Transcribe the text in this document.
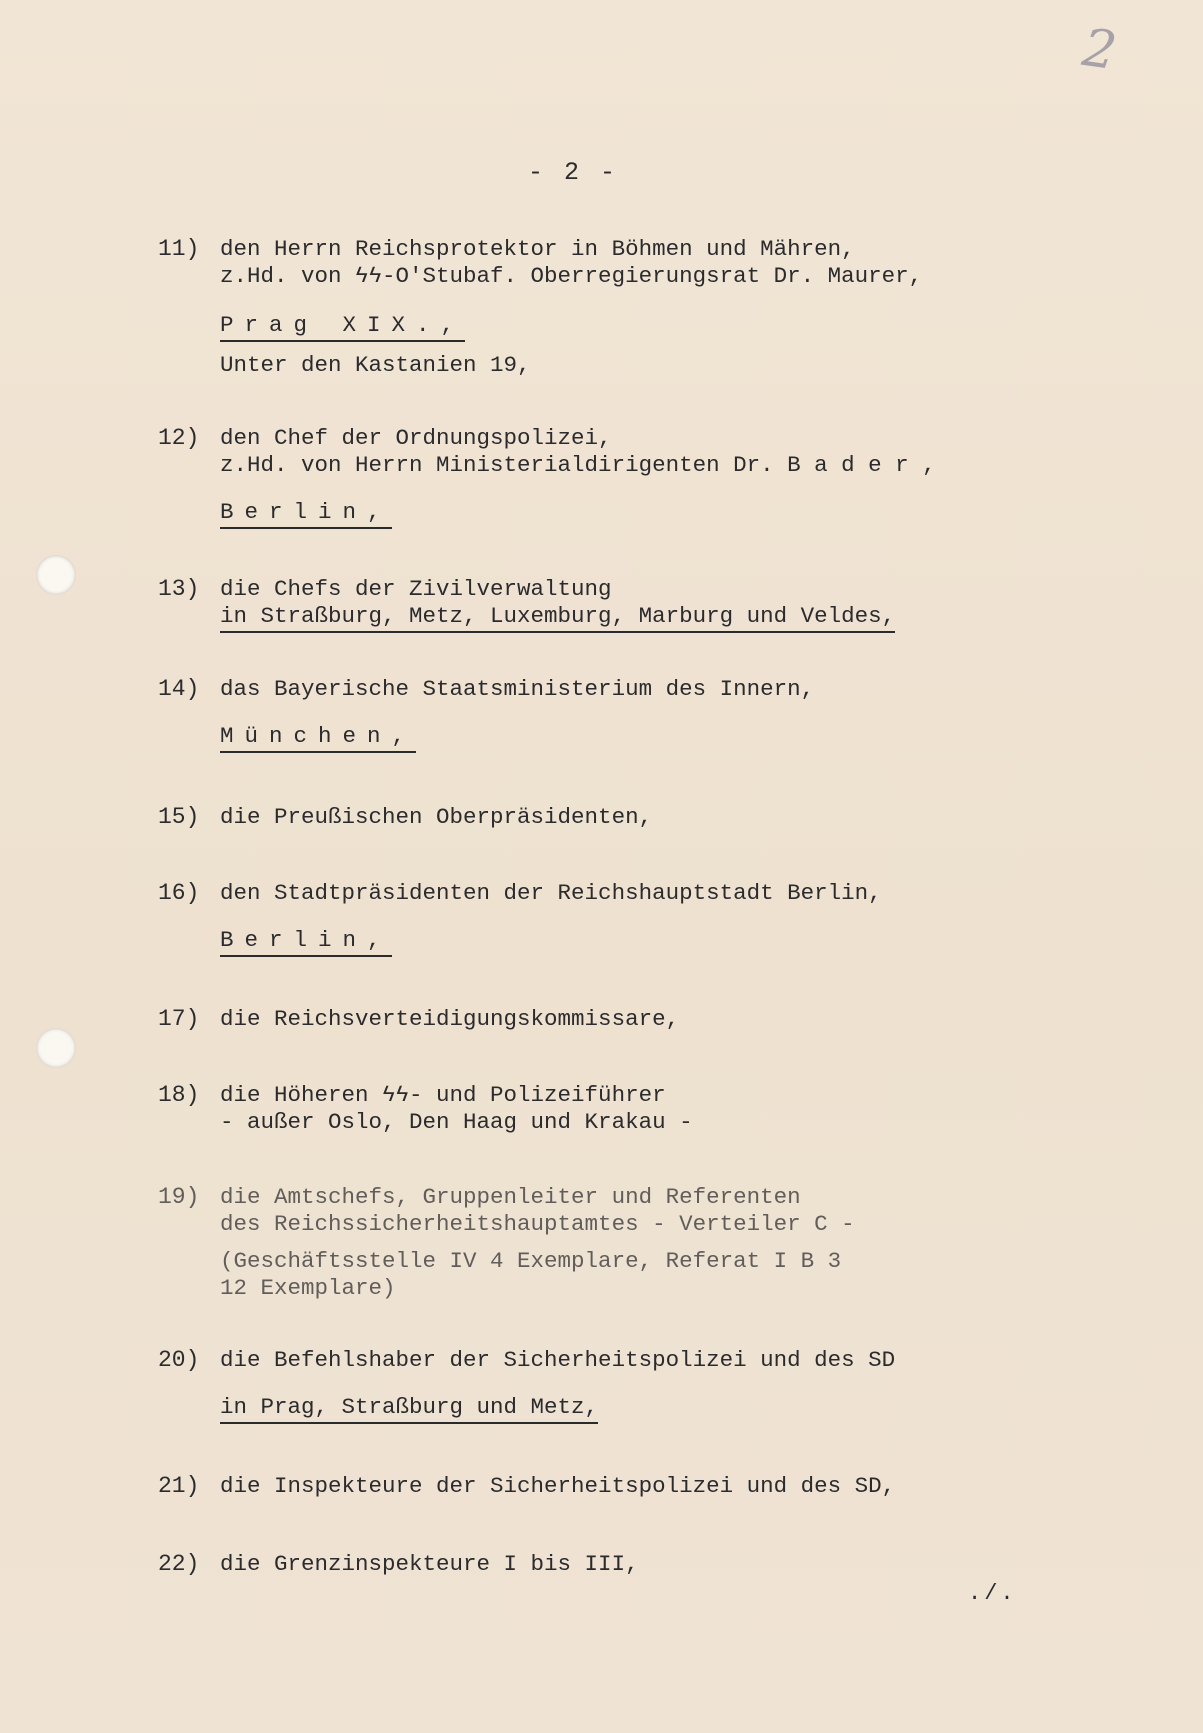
2
- 2 -
11) den Herrn Reichsprotektor in Böhmen und Mähren,
z.Hd. von ϟϟ-O'Stubaf. Oberregierungsrat Dr. Maurer,
Prag XIX.,
Unter den Kastanien 19,
12) den Chef der Ordnungspolizei,
z.Hd. von Herrn Ministerialdirigenten Dr. B a d e r ,
Berlin,
13) die Chefs der Zivilverwaltung
in Straßburg, Metz, Luxemburg, Marburg und Veldes,
14) das Bayerische Staatsministerium des Innern,
München,
15) die Preußischen Oberpräsidenten,
16) den Stadtpräsidenten der Reichshauptstadt Berlin,
Berlin,
17) die Reichsverteidigungskommissare,
18) die Höheren ϟϟ- und Polizeiführer
- außer Oslo, Den Haag und Krakau -
19) die Amtschefs, Gruppenleiter und Referenten
des Reichssicherheitshauptamtes - Verteiler C -
(Geschäftsstelle IV 4 Exemplare, Referat I B 3
12 Exemplare)
20) die Befehlshaber der Sicherheitspolizei und des SD
in Prag, Straßburg und Metz,
21) die Inspekteure der Sicherheitspolizei und des SD,
22) die Grenzinspekteure I bis III,
./.
